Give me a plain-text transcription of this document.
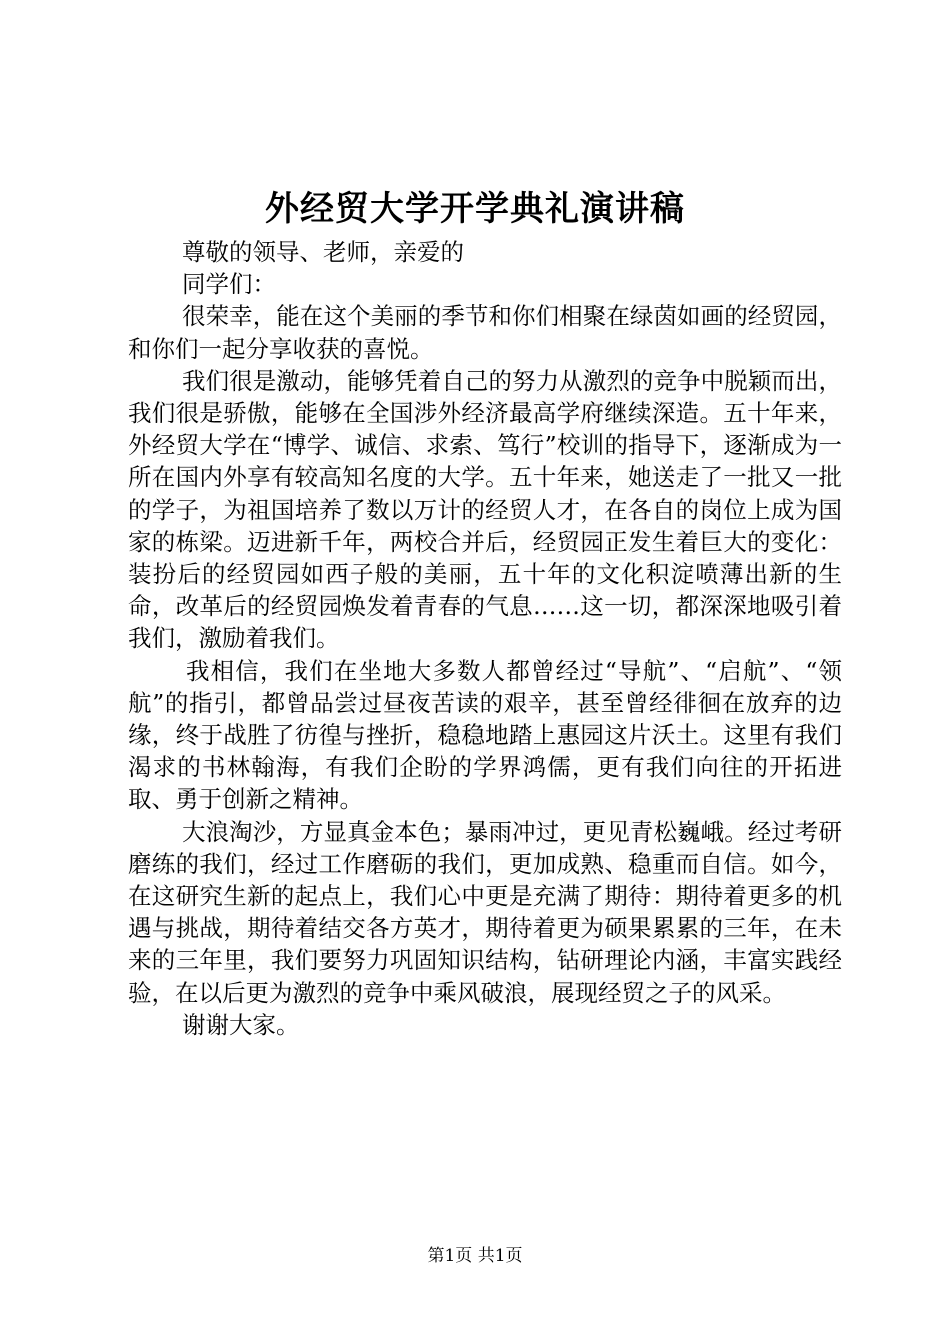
外经贸大学开学典礼演讲稿

尊敬的领导、老师，亲爱的

同学们：

很荣幸，能在这个美丽的季节和你们相聚在绿茵如画的经贸园，和你们一起分享收获的喜悦。

我们很是激动，能够凭着自己的努力从激烈的竞争中脱颖而出，我们很是骄傲，能够在全国涉外经济最高学府继续深造。五十年来，外经贸大学在“博学、诚信、求索、笃行”校训的指导下，逐渐成为一所在国内外享有较高知名度的大学。五十年来，她送走了一批又一批的学子，为祖国培养了数以万计的经贸人才，在各自的岗位上成为国家的栋梁。迈进新千年，两校合并后，经贸园正发生着巨大的变化：装扮后的经贸园如西子般的美丽，五十年的文化积淀喷薄出新的生命，改革后的经贸园焕发着青春的气息……这一切，都深深地吸引着我们，激励着我们。

我相信，我们在坐地大多数人都曾经过“导航”、“启航”、“领航”的指引，都曾品尝过昼夜苦读的艰辛，甚至曾经徘徊在放弃的边缘，终于战胜了彷徨与挫折，稳稳地踏上惠园这片沃土。这里有我们渴求的书林翰海，有我们企盼的学界鸿儒，更有我们向往的开拓进取、勇于创新之精神。

大浪淘沙，方显真金本色；暴雨冲过，更见青松巍峨。经过考研磨练的我们，经过工作磨砺的我们，更加成熟、稳重而自信。如今，在这研究生新的起点上，我们心中更是充满了期待：期待着更多的机遇与挑战，期待着结交各方英才，期待着更为硕果累累的三年，在未来的三年里，我们要努力巩固知识结构，钻研理论内涵，丰富实践经验，在以后更为激烈的竞争中乘风破浪，展现经贸之子的风采。

谢谢大家。

第1页 共1页
